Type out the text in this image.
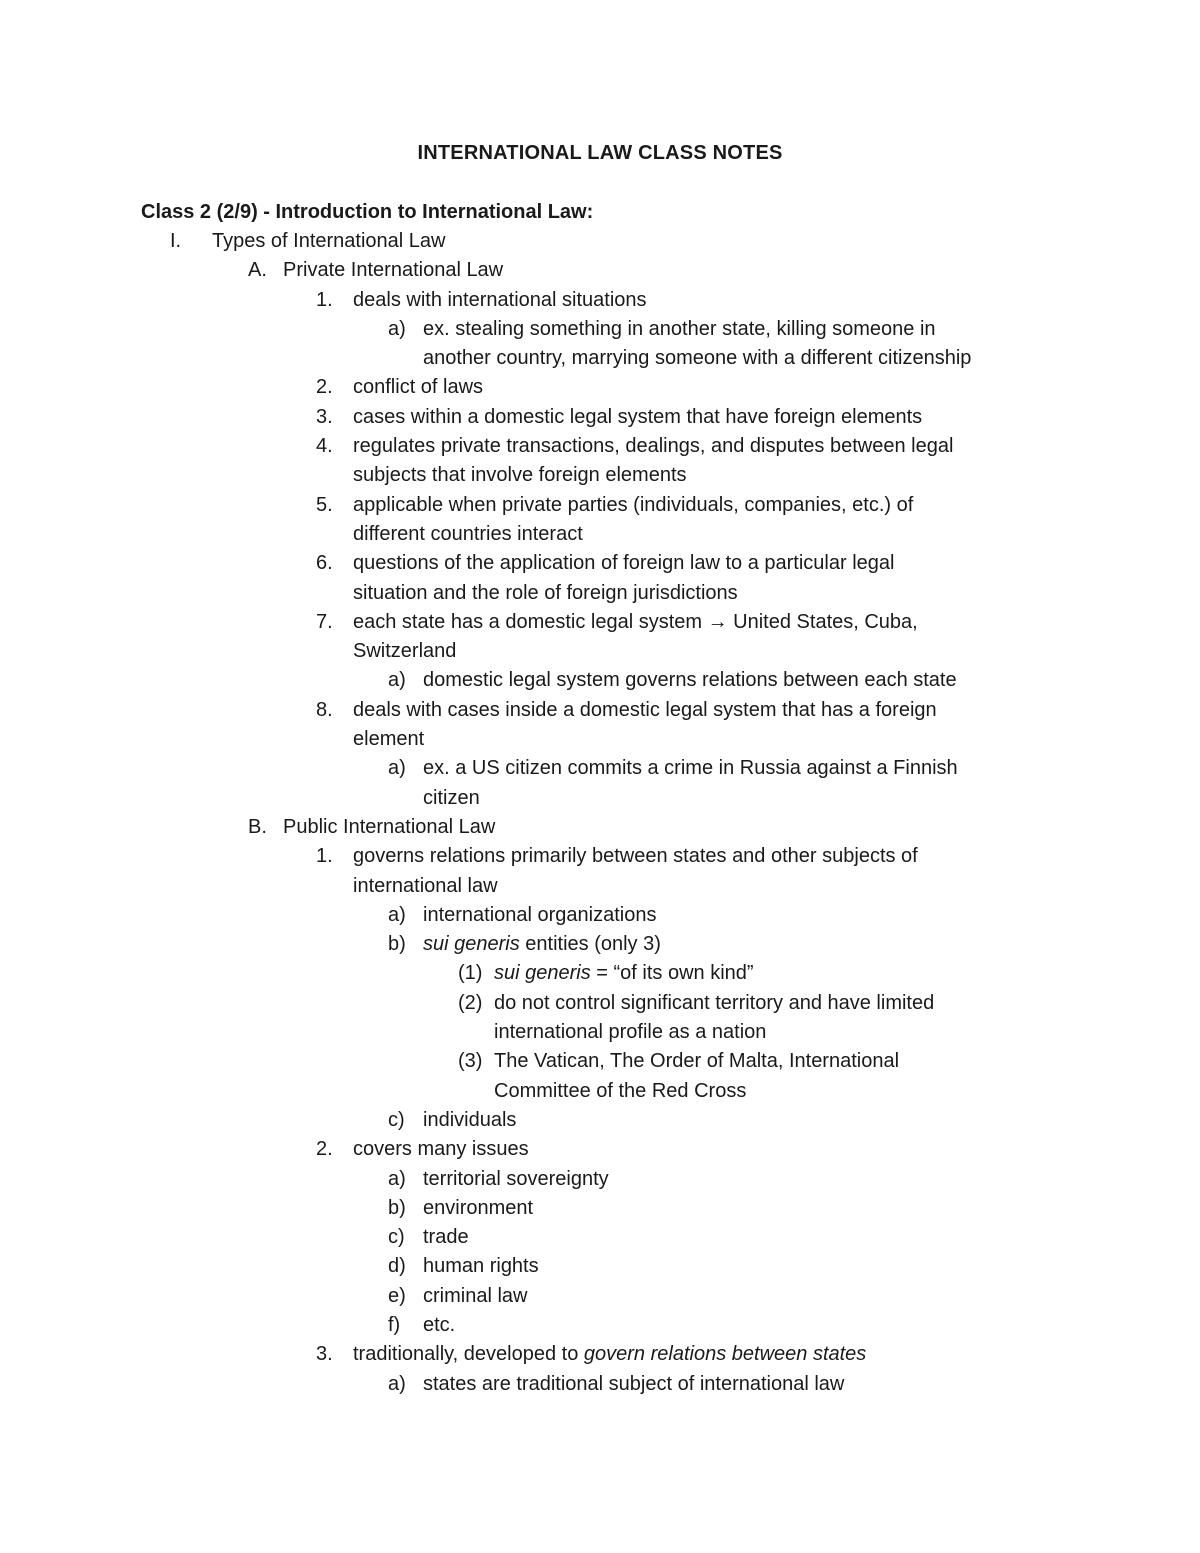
INTERNATIONAL LAW CLASS NOTES
Class 2 (2/9) - Introduction to International Law:
I. Types of International Law
A. Private International Law
1. deals with international situations
a) ex. stealing something in another state, killing someone in
another country, marrying someone with a different citizenship
2. conflict of laws
3. cases within a domestic legal system that have foreign elements
4. regulates private transactions, dealings, and disputes between legal
subjects that involve foreign elements
5. applicable when private parties (individuals, companies, etc.) of
different countries interact
6. questions of the application of foreign law to a particular legal
situation and the role of foreign jurisdictions
7. each state has a domestic legal system → United States, Cuba,
Switzerland
a) domestic legal system governs relations between each state
8. deals with cases inside a domestic legal system that has a foreign
element
a) ex. a US citizen commits a crime in Russia against a Finnish
citizen
B. Public International Law
1. governs relations primarily between states and other subjects of
international law
a) international organizations
b) sui generis entities (only 3)
(1) sui generis = “of its own kind”
(2) do not control significant territory and have limited
international profile as a nation
(3) The Vatican, The Order of Malta, International
Committee of the Red Cross
c) individuals
2. covers many issues
a) territorial sovereignty
b) environment
c) trade
d) human rights
e) criminal law
f) etc.
3. traditionally, developed to govern relations between states
a) states are traditional subject of international law
